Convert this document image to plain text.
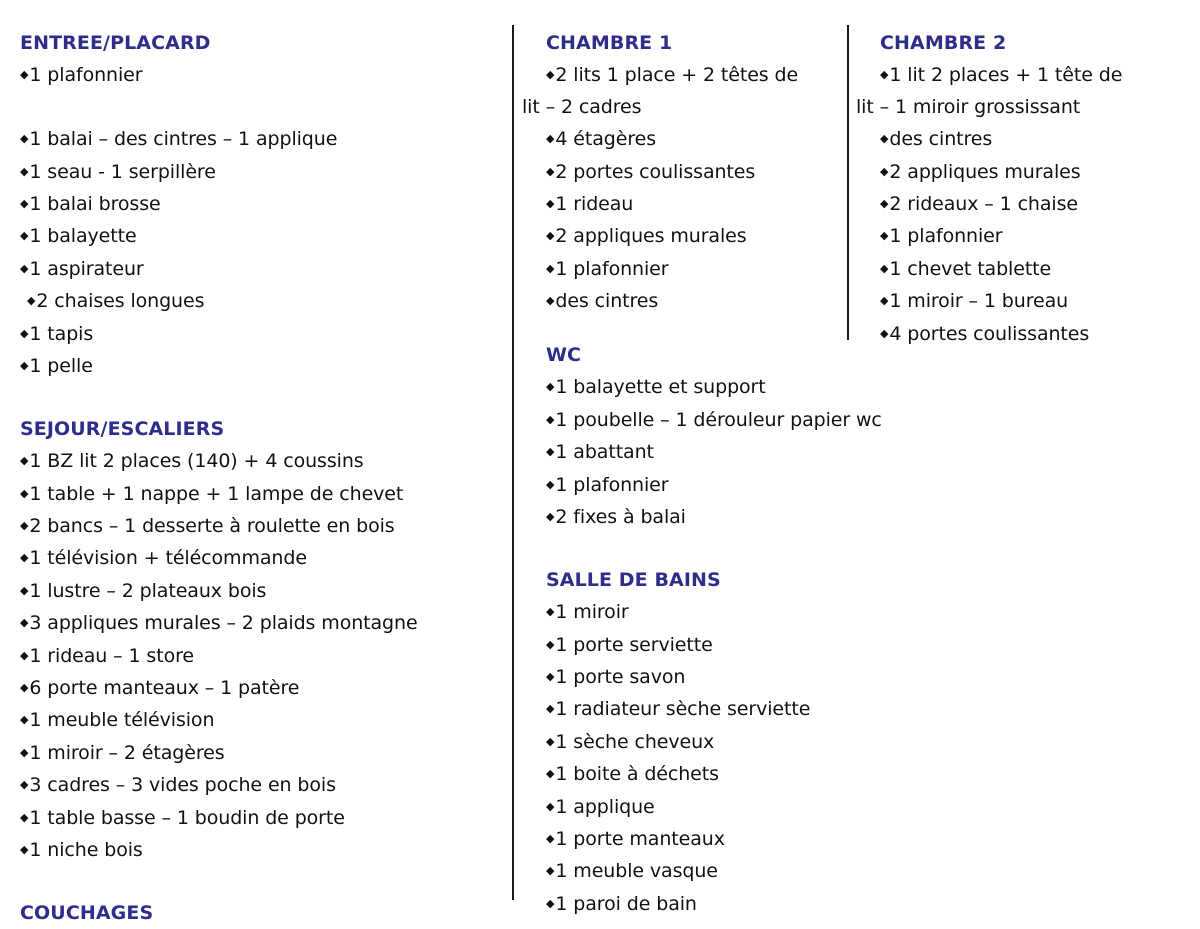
ENTREE/PLACARD
◆1 plafonnier
◆1 balai – des cintres – 1 applique
◆1 seau - 1 serpillère
◆1 balai brosse
◆1 balayette
◆1 aspirateur
◆2 chaises longues
◆1 tapis
◆1 pelle
SEJOUR/ESCALIERS
◆1 BZ lit 2 places (140) + 4 coussins
◆1 table + 1 nappe + 1 lampe de chevet
◆2 bancs – 1 desserte à roulette en bois
◆1 télévision + télécommande
◆1 lustre – 2 plateaux bois
◆3 appliques murales – 2 plaids montagne
◆1 rideau – 1 store
◆6 porte manteaux – 1 patère
◆1 meuble télévision
◆1 miroir – 2 étagères
◆3 cadres – 3 vides poche en bois
◆1 table basse – 1 boudin de porte
◆1 niche bois
COUCHAGES
CHAMBRE 1
◆2 lits 1 place + 2 têtes de
lit – 2 cadres
◆4 étagères
◆2 portes coulissantes
◆1 rideau
◆2 appliques murales
◆1 plafonnier
◆des cintres
CHAMBRE 2
◆1 lit 2 places + 1 tête de
lit – 1 miroir grossissant
◆des cintres
◆2 appliques murales
◆2 rideaux – 1 chaise
◆1 plafonnier
◆1 chevet tablette
◆1 miroir – 1 bureau
◆4 portes coulissantes
WC
◆1 balayette et support
◆1 poubelle – 1 dérouleur papier wc
◆1 abattant
◆1 plafonnier
◆2 fixes à balai
SALLE DE BAINS
◆1 miroir
◆1 porte serviette
◆1 porte savon
◆1 radiateur sèche serviette
◆1 sèche cheveux
◆1 boite à déchets
◆1 applique
◆1 porte manteaux
◆1 meuble vasque
◆1 paroi de bain
